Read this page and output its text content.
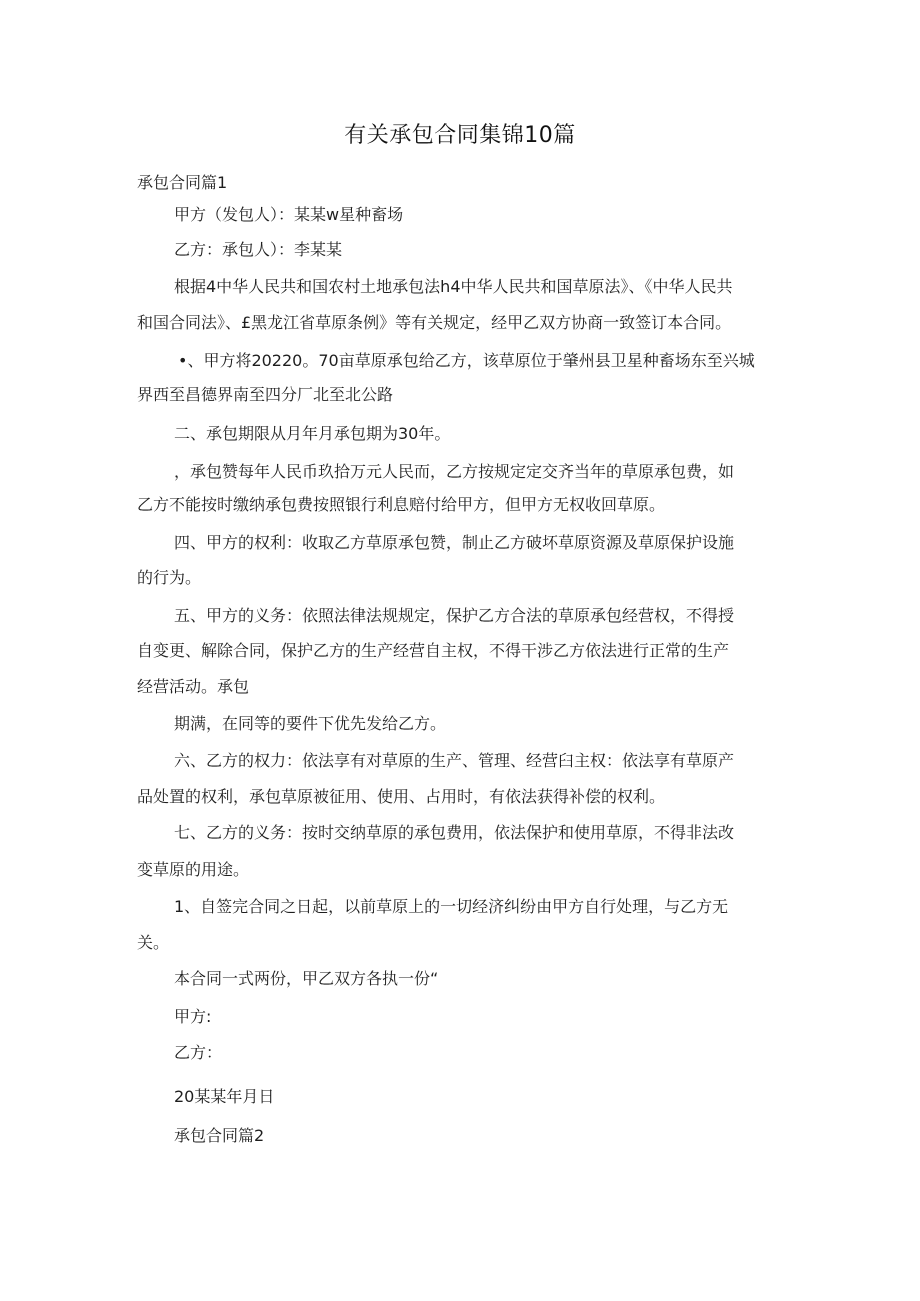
有关承包合同集锦10篇
承包合同篇1
甲方（发包人）：某某w星种畜场
乙方：承包人）：李某某
根据4中华人民共和国农村土地承包法h4中华人民共和国草原法》、《中华人民共
和国合同法》、£黑龙江省草原条例》等有关规定，经甲乙双方协商一致签订本合同。
•、甲方将20220。70亩草原承包给乙方，该草原位于肇州县卫星种畜场东至兴城
界西至昌德界南至四分厂北至北公路
二、承包期限从月年月承包期为30年。
，承包赞每年人民币玖拾万元人民而，乙方按规定定交齐当年的草原承包费，如
乙方不能按时缴纳承包费按照银行利息赔付给甲方，但甲方无权收回草原。
四、甲方的权利：收取乙方草原承包赞，制止乙方破坏草原资源及草原保护设施
的行为。
五、甲方的义务：依照法律法规规定，保护乙方合法的草原承包经营权，不得授
自变更、解除合同，保护乙方的生产经营自主权，不得干涉乙方依法进行正常的生产
经营活动。承包
期满，在同等的要件下优先发给乙方。
六、乙方的权力：依法享有对草原的生产、管理、经营臼主权：依法享有草原产
品处置的权利，承包草原被征用、使用、占用时，有依法获得补偿的权利。
七、乙方的义务：按时交纳草原的承包费用，依法保护和使用草原，不得非法改
变草原的用途。
1、自签完合同之日起，以前草原上的一切经济纠纷由甲方自行处理，与乙方无
关。
本合同一式两份，甲乙双方各执一份“
甲方:
乙方：
20某某年月日
承包合同篇2
